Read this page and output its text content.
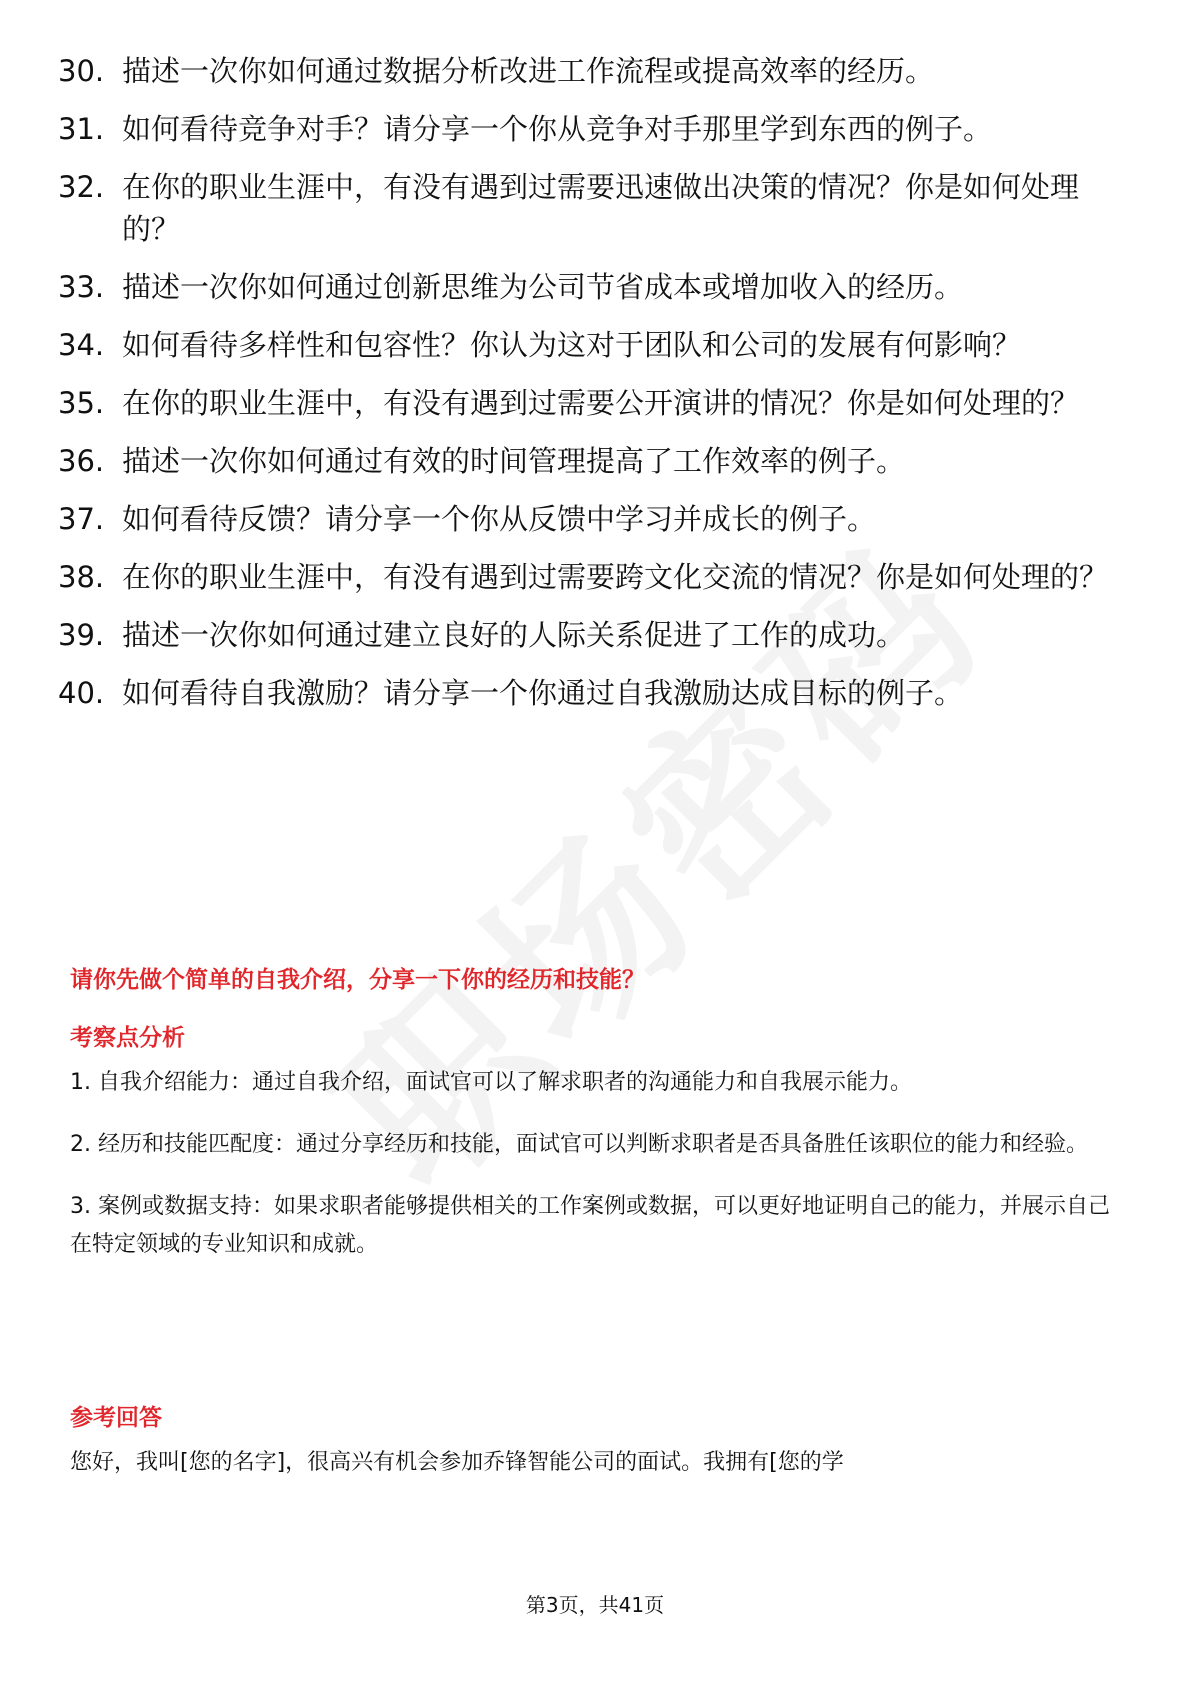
30. 描述一次你如何通过数据分析改进工作流程或提高效率的经历。
31. 如何看待竞争对手？请分享一个你从竞争对手那里学到东西的例子。
32. 在你的职业生涯中，有没有遇到过需要迅速做出决策的情况？你是如何处理的？
33. 描述一次你如何通过创新思维为公司节省成本或增加收入的经历。
34. 如何看待多样性和包容性？你认为这对于团队和公司的发展有何影响？
35. 在你的职业生涯中，有没有遇到过需要公开演讲的情况？你是如何处理的？
36. 描述一次你如何通过有效的时间管理提高了工作效率的例子。
37. 如何看待反馈？请分享一个你从反馈中学习并成长的例子。
38. 在你的职业生涯中，有没有遇到过需要跨文化交流的情况？你是如何处理的？
39. 描述一次你如何通过建立良好的人际关系促进了工作的成功。
40. 如何看待自我激励？请分享一个你通过自我激励达成目标的例子。
请你先做个简单的自我介绍，分享一下你的经历和技能？
考察点分析
1. 自我介绍能力：通过自我介绍，面试官可以了解求职者的沟通能力和自我展示能力。
2. 经历和技能匹配度：通过分享经历和技能，面试官可以判断求职者是否具备胜任该职位的能力和经验。
3. 案例或数据支持：如果求职者能够提供相关的工作案例或数据，可以更好地证明自己的能力，并展示自己在特定领域的专业知识和成就。
参考回答
您好，我叫[您的名字]，很高兴有机会参加乔锋智能公司的面试。我拥有[您的学
第3页，共41页
